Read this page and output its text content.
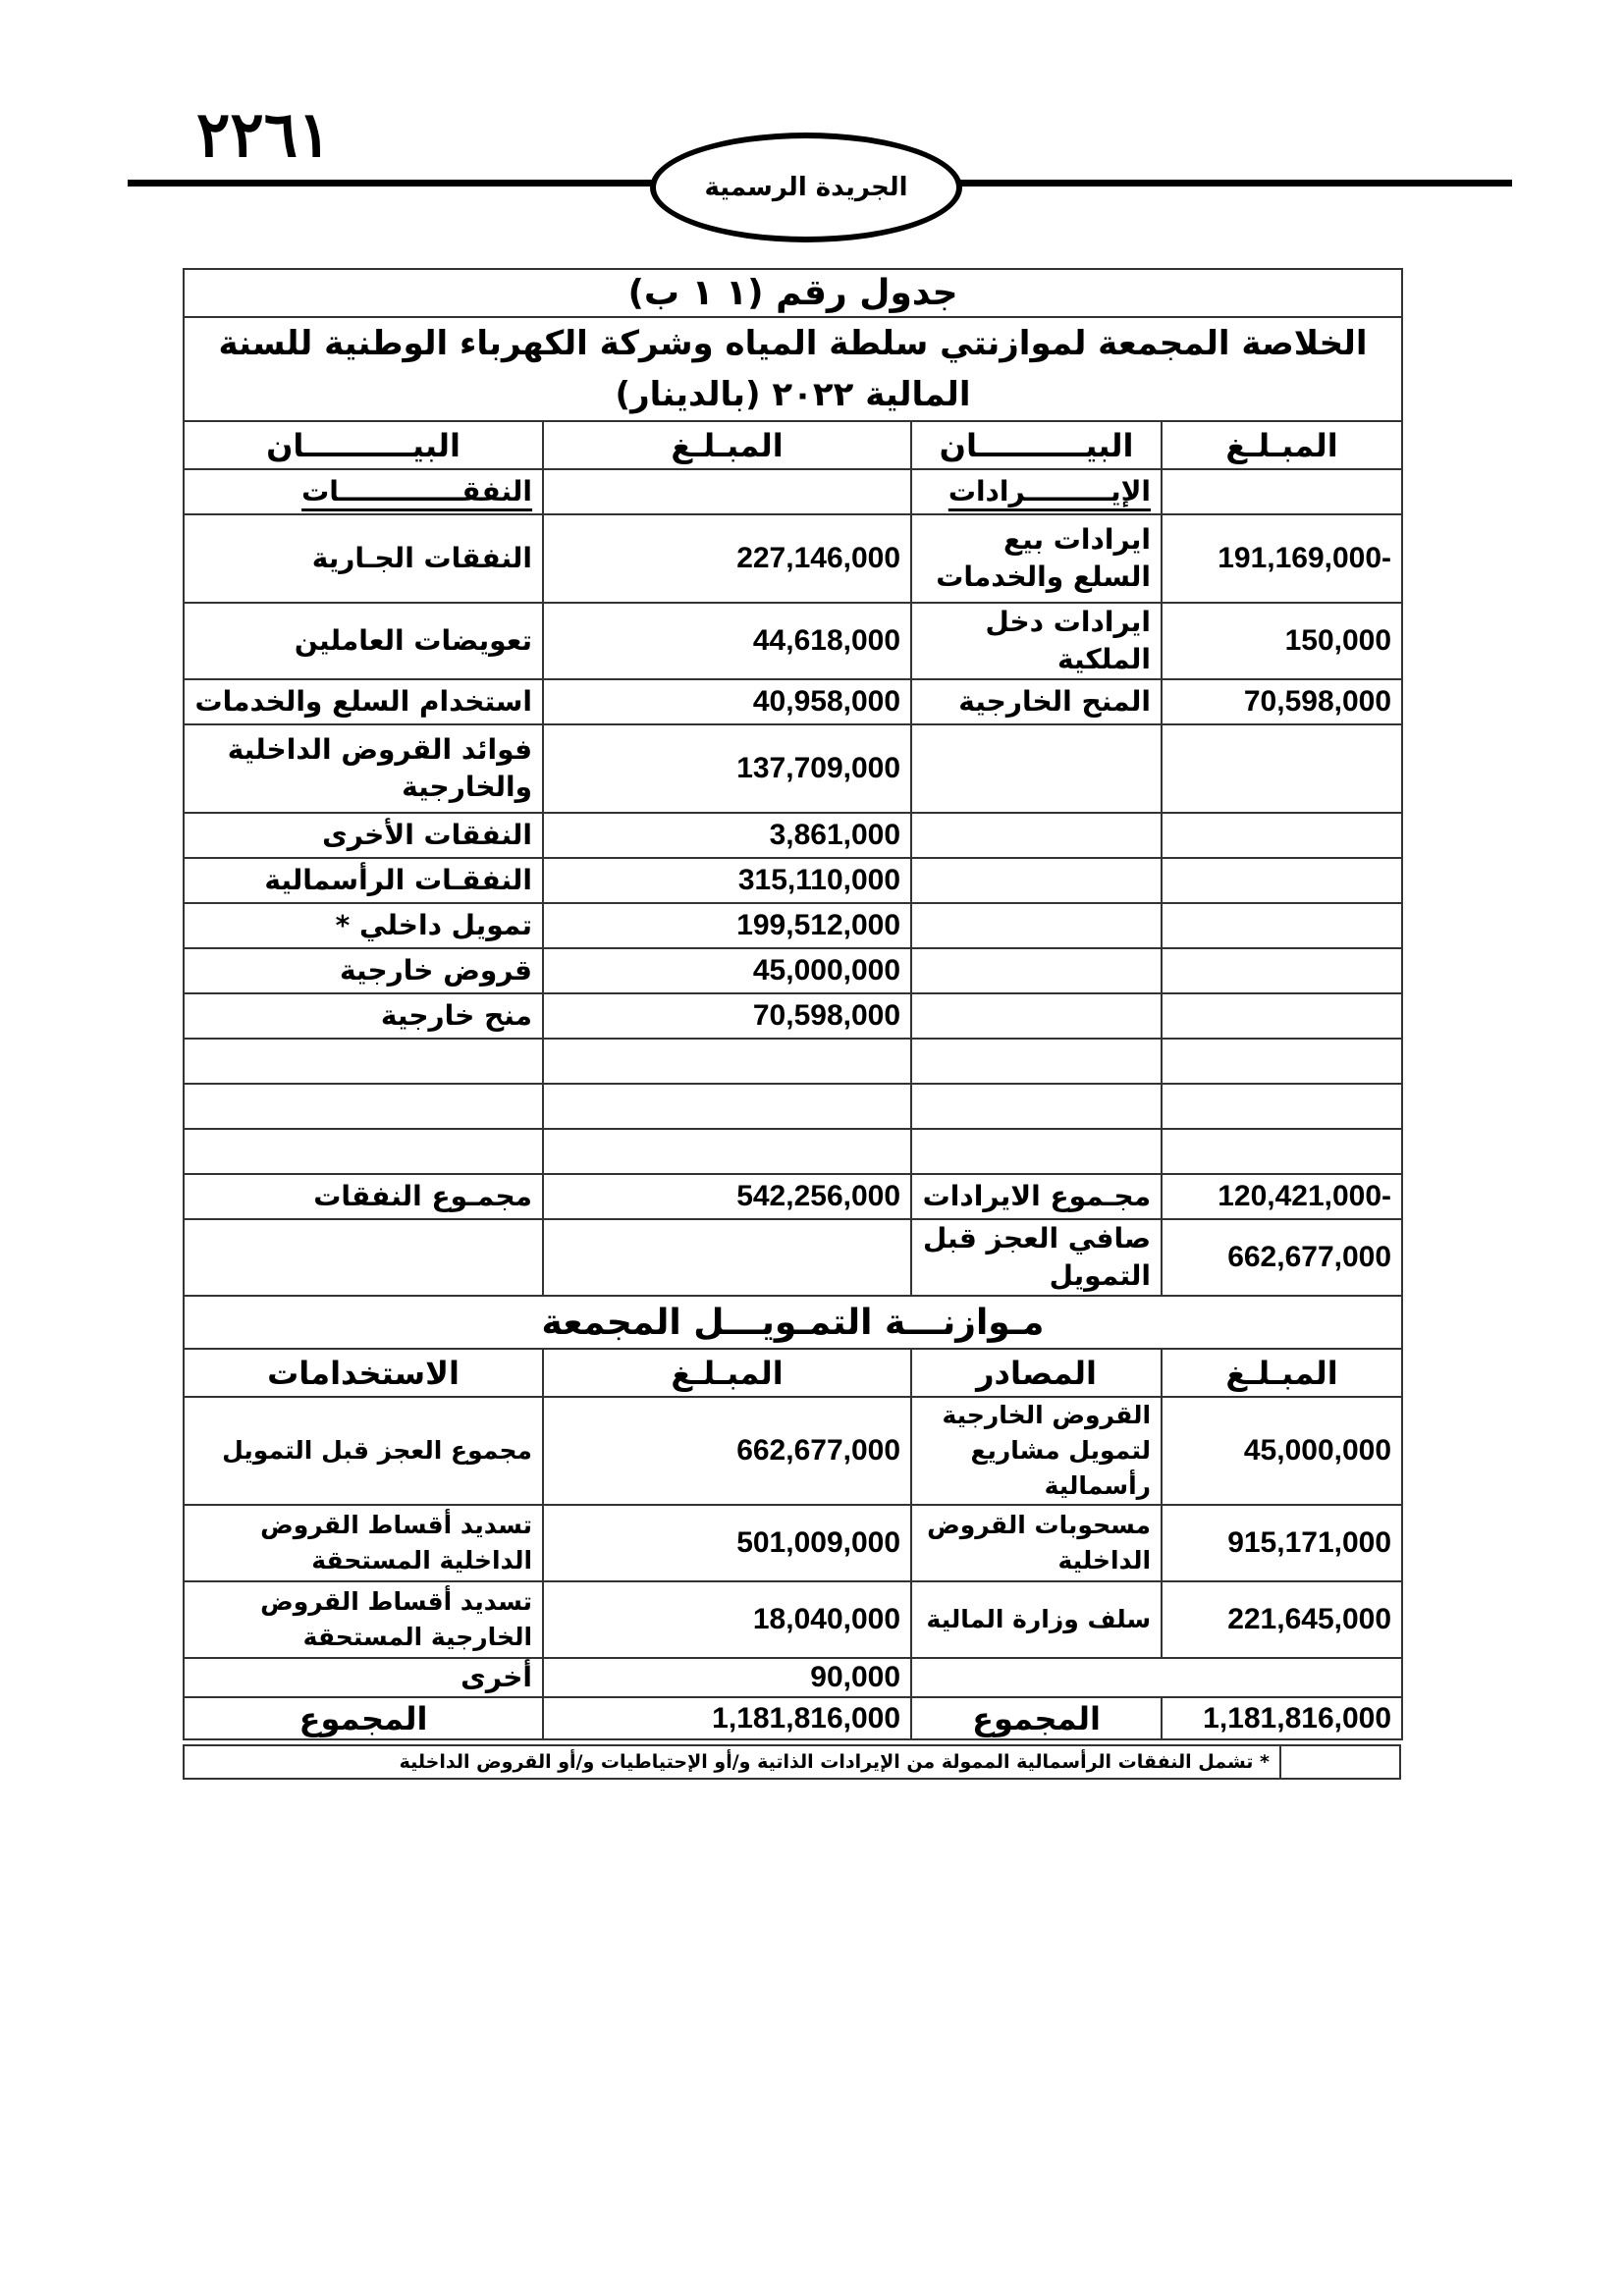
٢٢٦١
الجريدة الرسمية
جدول رقم (١ ١ ب)			
الخلاصة المجمعة لموازنتي سلطة المياه وشركة الكهرباء الوطنية للسنة المالية ٢٠٢٢ (بالدينار)			
المبـلـغ	البيــــــــــان	المبـلـغ	البيــــــــــان
	الإيـــــــــرادات		النفقـــــــــــــات
191,169,000-	ايرادات بيع السلع والخدمات	227,146,000	النفقات الجـارية
150,000	ايرادات دخل الملكية	44,618,000	تعويضات العاملين
70,598,000	المنح الخارجية	40,958,000	استخدام السلع والخدمات
		137,709,000	فوائد القروض الداخلية والخارجية
		3,861,000	النفقات الأخرى
		315,110,000	النفقـات الرأسمالية
		199,512,000	تمويل داخلي *
		45,000,000	قروض خارجية
		70,598,000	منح خارجية

120,421,000-	مجـموع الايرادات	542,256,000	مجمـوع النفقات
662,677,000	صافي العجز قبل التمويل		
مـوازنـــة التمـويـــل المجمعة			
المبـلـغ	المصادر	المبـلـغ	الاستخدامات
45,000,000	القروض الخارجية لتمويل مشاريع رأسمالية	662,677,000	مجموع العجز قبل التمويل
915,171,000	مسحوبات القروض الداخلية	501,009,000	تسديد أقساط القروض الداخلية المستحقة
221,645,000	سلف وزارة المالية	18,040,000	تسديد أقساط القروض الخارجية المستحقة
		90,000	أخرى
1,181,816,000	المجموع	1,181,816,000	المجموع
	* تشمل النفقات الرأسمالية الممولة من الإيرادات الذاتية و/أو الإحتياطيات و/أو القروض الداخلية
